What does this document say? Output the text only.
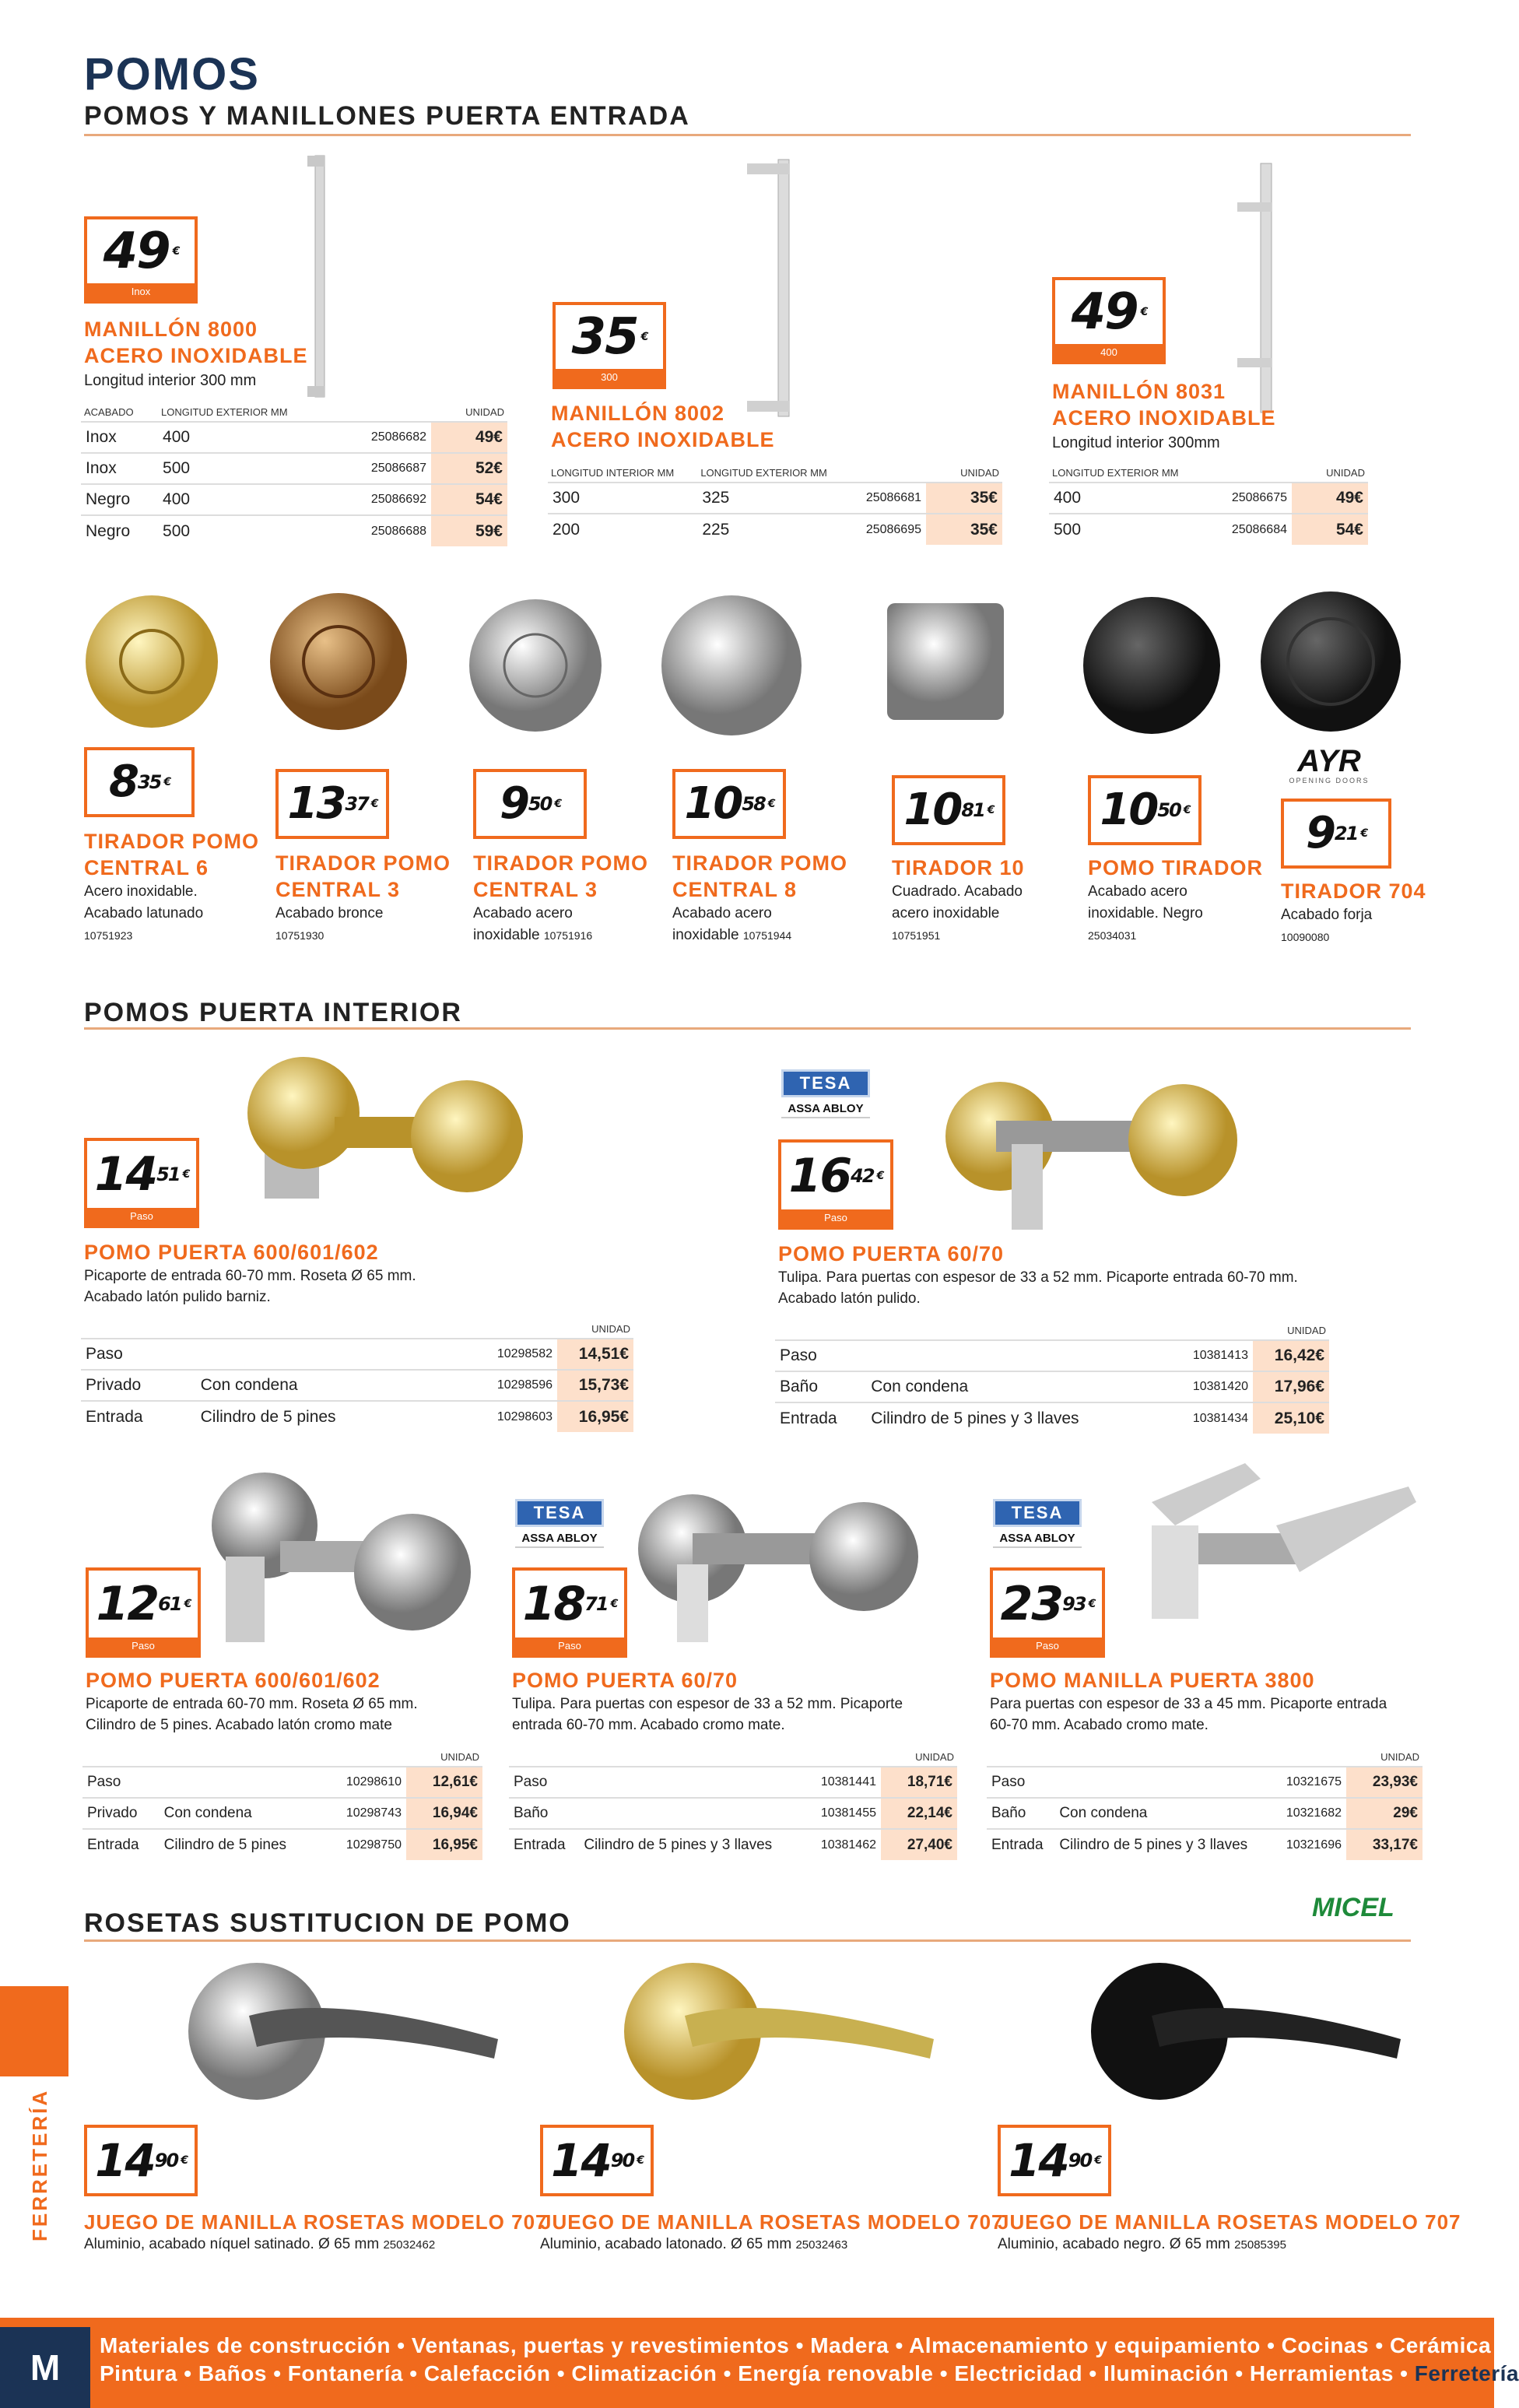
POMOS
POMOS Y MANILLONES PUERTA ENTRADA
49 €
Inox
MANILLÓN 8000
ACERO INOXIDABLE
Longitud interior 300 mm
ACABADO	LONGITUD EXTERIOR MM		UNIDAD
Inox	400	25086682	49€
Inox	500	25086687	52€
Negro	400	25086692	54€
Negro	500	25086688	59€
35 €
300
MANILLÓN 8002
ACERO INOXIDABLE
LONGITUD INTERIOR MM	LONGITUD EXTERIOR MM		UNIDAD
300	325	25086681	35€
200	225	25086695	35€
49 €
400
MANILLÓN 8031
ACERO INOXIDABLE
Longitud interior 300mm
LONGITUD EXTERIOR MM		UNIDAD
400	25086675	49€
500	25086684	54€
AYR
OPENING DOORS
8 35 €	13 37 €	9 50 €	10 58 €	10 81 € 10 50 €	9 21 €
TIRADOR POMO
CENTRAL 6
Acero inoxidable.
Acabado latunado
10751923
TIRADOR POMO
CENTRAL 3
Acabado bronce
10751930
TIRADOR POMO
CENTRAL 3
Acabado acero
inoxidable 10751916
TIRADOR POMO
CENTRAL 8
Acabado acero
inoxidable 10751944
TIRADOR 10
Cuadrado. Acabado
acero inoxidable
10751951
POMO TIRADOR
Acabado acero
inoxidable. Negro
25034031
TIRADOR 704
Acabado forja
10090080
POMOS PUERTA INTERIOR
TESA
ASSA ABLOY
14 51 €
Paso
POMO PUERTA 600/601/602
Picaporte de entrada 60-70 mm. Roseta Ø 65 mm.
Acabado latón pulido barniz.
			UNIDAD
Paso		10298582	14,51€
Privado	Con condena	10298596	15,73€
Entrada	Cilindro de 5 pines	10298603	16,95€
16 42 €
Paso
POMO PUERTA 60/70
Tulipa. Para puertas con espesor de 33 a 52 mm. Picaporte entrada 60-70 mm.
Acabado latón pulido.
			UNIDAD
Paso		10381413	16,42€
Baño	Con condena	10381420	17,96€
Entrada	Cilindro de 5 pines y 3 llaves	10381434	25,10€
TESA
ASSA ABLOY
TESA
ASSA ABLOY
12 61 €
Paso
POMO PUERTA 600/601/602
Picaporte de entrada 60-70 mm. Roseta Ø 65 mm.
Cilindro de 5 pines. Acabado latón cromo mate
			UNIDAD
Paso		10298610	12,61€
Privado	Con condena	10298743	16,94€
Entrada	Cilindro de 5 pines	10298750	16,95€
18 71 €
Paso
POMO PUERTA 60/70
Tulipa. Para puertas con espesor de 33 a 52 mm. Picaporte
entrada 60-70 mm. Acabado cromo mate.
			UNIDAD
Paso		10381441	18,71€
Baño		10381455	22,14€
Entrada	Cilindro de 5 pines y 3 llaves	10381462	27,40€
23 93 €
Paso
POMO MANILLA PUERTA 3800
Para puertas con espesor de 33 a 45 mm. Picaporte entrada
60-70 mm. Acabado cromo mate.
			UNIDAD
Paso		10321675	23,93€
Baño	Con condena	10321682	29€
Entrada	Cilindro de 5 pines y 3 llaves	10321696	33,17€
ROSETAS SUSTITUCION DE POMO
MICEL
14 90 €	14 90 €	14 90 €
JUEGO DE MANILLA ROSETAS MODELO 707
Aluminio, acabado níquel satinado. Ø 65 mm 25032462
JUEGO DE MANILLA ROSETAS MODELO 707
Aluminio, acabado latonado. Ø 65 mm 25032463
JUEGO DE MANILLA ROSETAS MODELO 707
Aluminio, acabado negro. Ø 65 mm 25085395
FERRETERÍA
M
Materiales de construcción • Ventanas, puertas y revestimientos • Madera • Almacenamiento y equipamiento • Cocinas • Cerámica
Pintura • Baños • Fontanería • Calefacción • Climatización • Energía renovable • Electricidad • Iluminación • Herramientas • Ferretería
